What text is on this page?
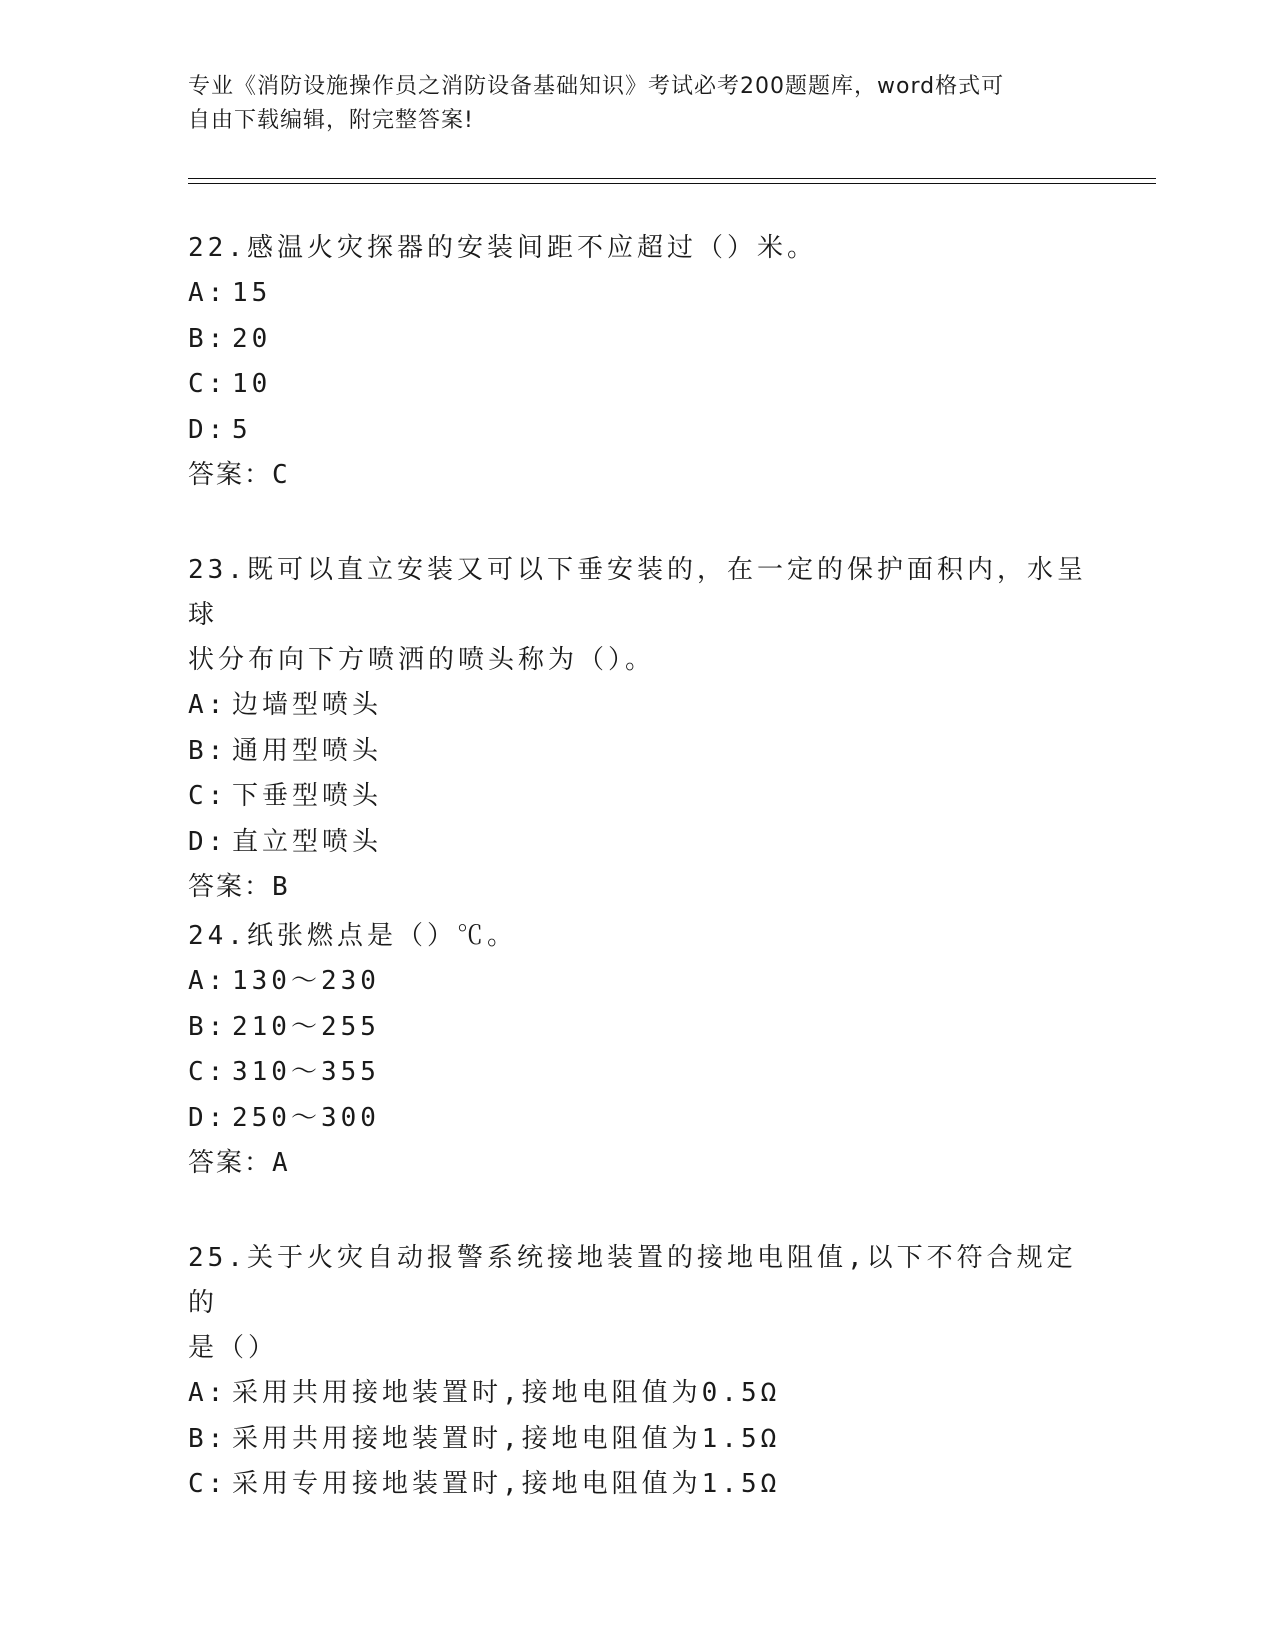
专业《消防设施操作员之消防设备基础知识》考试必考200题题库，word格式可
自由下载编辑，附完整答案!

22.感温火灾探器的安装间距不应超过（）米。

A: 15
B: 20
C: 10
D: 5
答案：C

23.既可以直立安装又可以下垂安装的，在一定的保护面积内，水呈球

状分布向下方喷洒的喷头称为（）。

A: 边墙型喷头
B: 通用型喷头
C: 下垂型喷头
D: 直立型喷头
答案：B

24.纸张燃点是（）℃。

A: 130～230
B: 210～255
C: 310～355
D: 250～300
答案：A

25.关于火灾自动报警系统接地装置的接地电阻值,以下不符合规定的

是（）

A: 采用共用接地装置时,接地电阻值为0.5Ω
B: 采用共用接地装置时,接地电阻值为1.5Ω
C: 采用专用接地装置时,接地电阻值为1.5Ω
